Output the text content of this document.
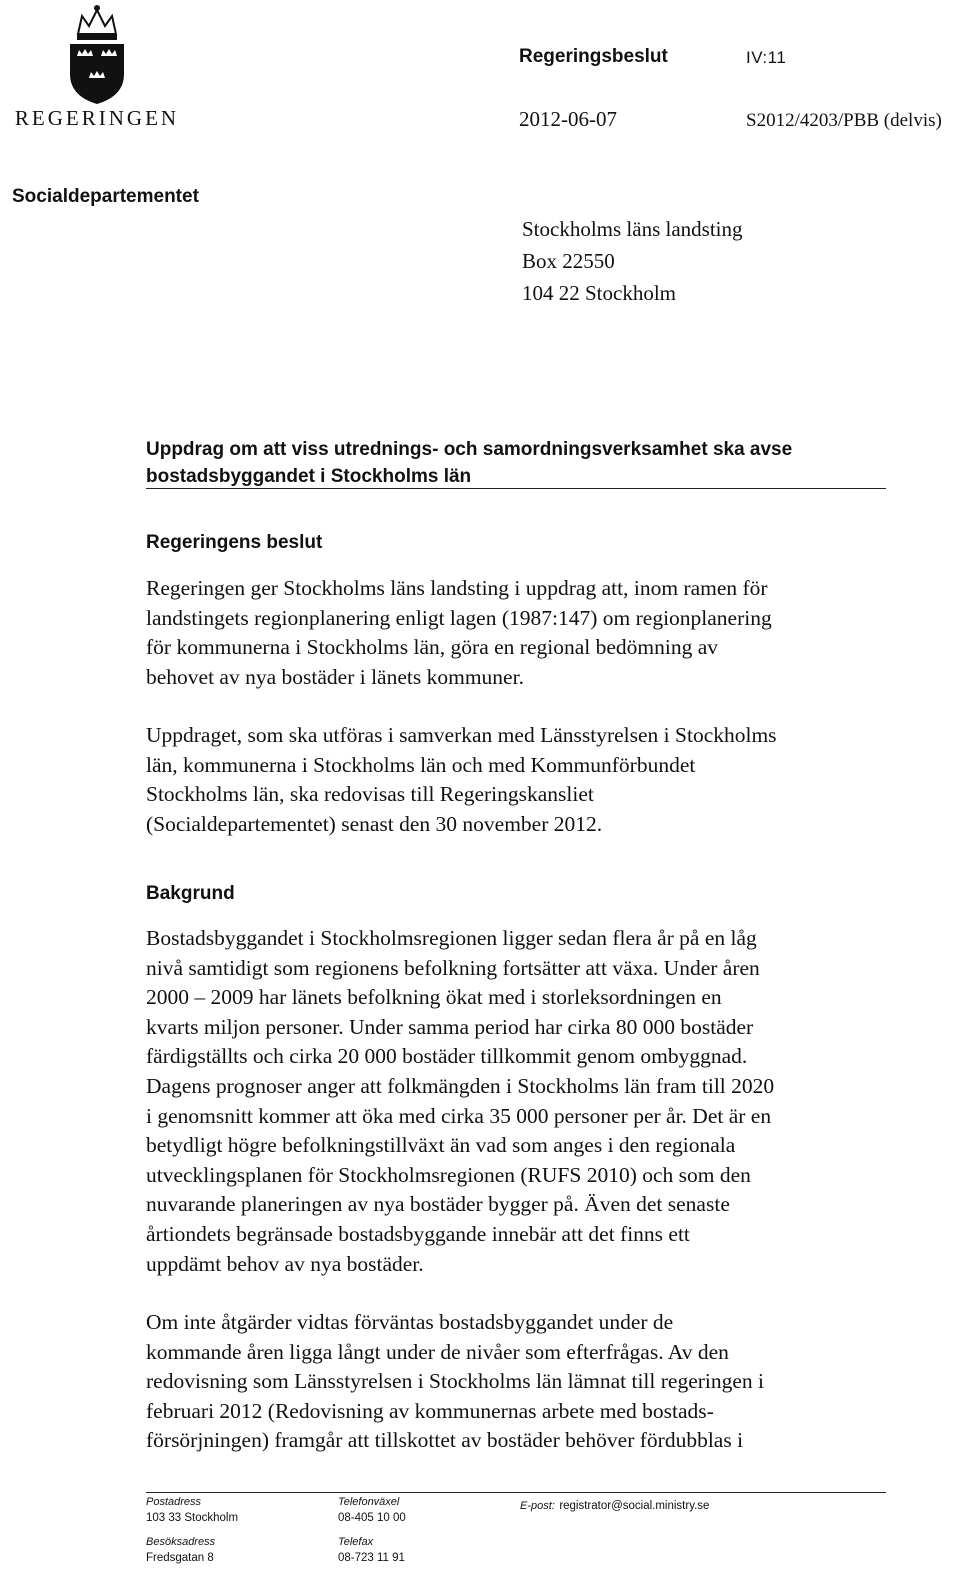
REGERINGEN
Regeringsbeslut	IV:11
2012-06-07	S2012/4203/PBB (delvis)
Socialdepartementet
Stockholms läns landsting
Box 22550
104 22 Stockholm
Uppdrag om att viss utrednings- och samordningsverksamhet ska avse
bostadsbyggandet i Stockholms län
Regeringens beslut
Regeringen ger Stockholms läns landsting i uppdrag att, inom ramen för
landstingets regionplanering enligt lagen (1987:147) om regionplanering
för kommunerna i Stockholms län, göra en regional bedömning av
behovet av nya bostäder i länets kommuner.
Uppdraget, som ska utföras i samverkan med Länsstyrelsen i Stockholms
län, kommunerna i Stockholms län och med Kommunförbundet
Stockholms län, ska redovisas till Regeringskansliet
(Socialdepartementet) senast den 30 november 2012.
Bakgrund
Bostadsbyggandet i Stockholmsregionen ligger sedan flera år på en låg
nivå samtidigt som regionens befolkning fortsätter att växa. Under åren
2000 – 2009 har länets befolkning ökat med i storleksordningen en
kvarts miljon personer. Under samma period har cirka 80 000 bostäder
färdigställts och cirka 20 000 bostäder tillkommit genom ombyggnad.
Dagens prognoser anger att folkmängden i Stockholms län fram till 2020
i genomsnitt kommer att öka med cirka 35 000 personer per år. Det är en
betydligt högre befolkningstillväxt än vad som anges i den regionala
utvecklingsplanen för Stockholmsregionen (RUFS 2010) och som den
nuvarande planeringen av nya bostäder bygger på. Även det senaste
årtiondets begränsade bostadsbyggande innebär att det finns ett
uppdämt behov av nya bostäder.
Om inte åtgärder vidtas förväntas bostadsbyggandet under de
kommande åren ligga långt under de nivåer som efterfrågas. Av den
redovisning som Länsstyrelsen i Stockholms län lämnat till regeringen i
februari 2012 (Redovisning av kommunernas arbete med bostads-
försörjningen) framgår att tillskottet av bostäder behöver fördubblas i
Postadress
103 33 Stockholm
Besöksadress
Fredsgatan 8
Telefonväxel
08-405 10 00
Telefax
08-723 11 91
E-post: registrator@social.ministry.se
